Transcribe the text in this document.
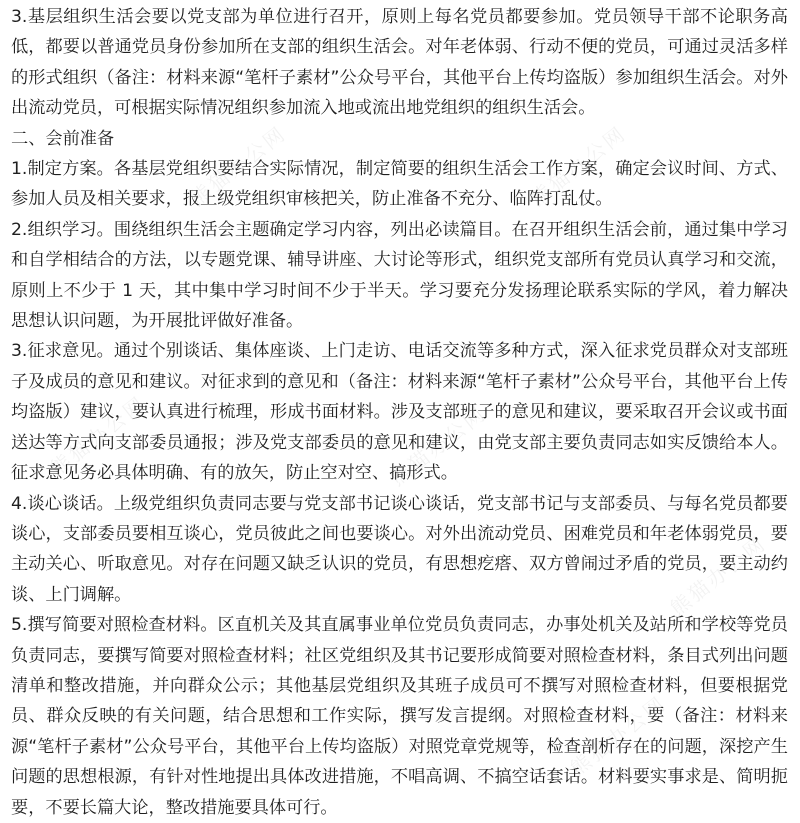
熊猫办公网	熊猫办公网
熊猫办公网	熊猫办公网
熊猫办公网
熊猫办公网

3.基层组织生活会要以党支部为单位进行召开，原则上每名党员都要参加。党员领导干部不论职务高低，都要以普通党员身份参加所在支部的组织生活会。对年老体弱、行动不便的党员，可通过灵活多样的形式组织（备注：材料来源“笔杆子素材”公众号平台，其他平台上传均盗版）参加组织生活会。对外出流动党员，可根据实际情况组织参加流入地或流出地党组织的组织生活会。

二、会前准备

1.制定方案。各基层党组织要结合实际情况，制定简要的组织生活会工作方案，确定会议时间、方式、参加人员及相关要求，报上级党组织审核把关，防止准备不充分、临阵打乱仗。

2.组织学习。围绕组织生活会主题确定学习内容，列出必读篇目。在召开组织生活会前，通过集中学习和自学相结合的方法，以专题党课、辅导讲座、大讨论等形式，组织党支部所有党员认真学习和交流，原则上不少于 1 天，其中集中学习时间不少于半天。学习要充分发扬理论联系实际的学风，着力解决思想认识问题，为开展批评做好准备。

3.征求意见。通过个别谈话、集体座谈、上门走访、电话交流等多种方式，深入征求党员群众对支部班子及成员的意见和建议。对征求到的意见和（备注：材料来源“笔杆子素材”公众号平台，其他平台上传均盗版）建议，要认真进行梳理，形成书面材料。涉及支部班子的意见和建议，要采取召开会议或书面送达等方式向支部委员通报；涉及党支部委员的意见和建议，由党支部主要负责同志如实反馈给本人。征求意见务必具体明确、有的放矢，防止空对空、搞形式。

4.谈心谈话。上级党组织负责同志要与党支部书记谈心谈话，党支部书记与支部委员、与每名党员都要谈心，支部委员要相互谈心，党员彼此之间也要谈心。对外出流动党员、困难党员和年老体弱党员，要主动关心、听取意见。对存在问题又缺乏认识的党员，有思想疙瘩、双方曾闹过矛盾的党员，要主动约谈、上门调解。

5.撰写简要对照检查材料。区直机关及其直属事业单位党员负责同志，办事处机关及站所和学校等党员负责同志，要撰写简要对照检查材料；社区党组织及其书记要形成简要对照检查材料，条目式列出问题清单和整改措施，并向群众公示；其他基层党组织及其班子成员可不撰写对照检查材料，但要根据党员、群众反映的有关问题，结合思想和工作实际，撰写发言提纲。对照检查材料，要（备注：材料来源“笔杆子素材”公众号平台，其他平台上传均盗版）对照党章党规等，检查剖析存在的问题，深挖产生问题的思想根源，有针对性地提出具体改进措施，不唱高调、不搞空话套话。材料要实事求是、简明扼要，不要长篇大论，整改措施要具体可行。
